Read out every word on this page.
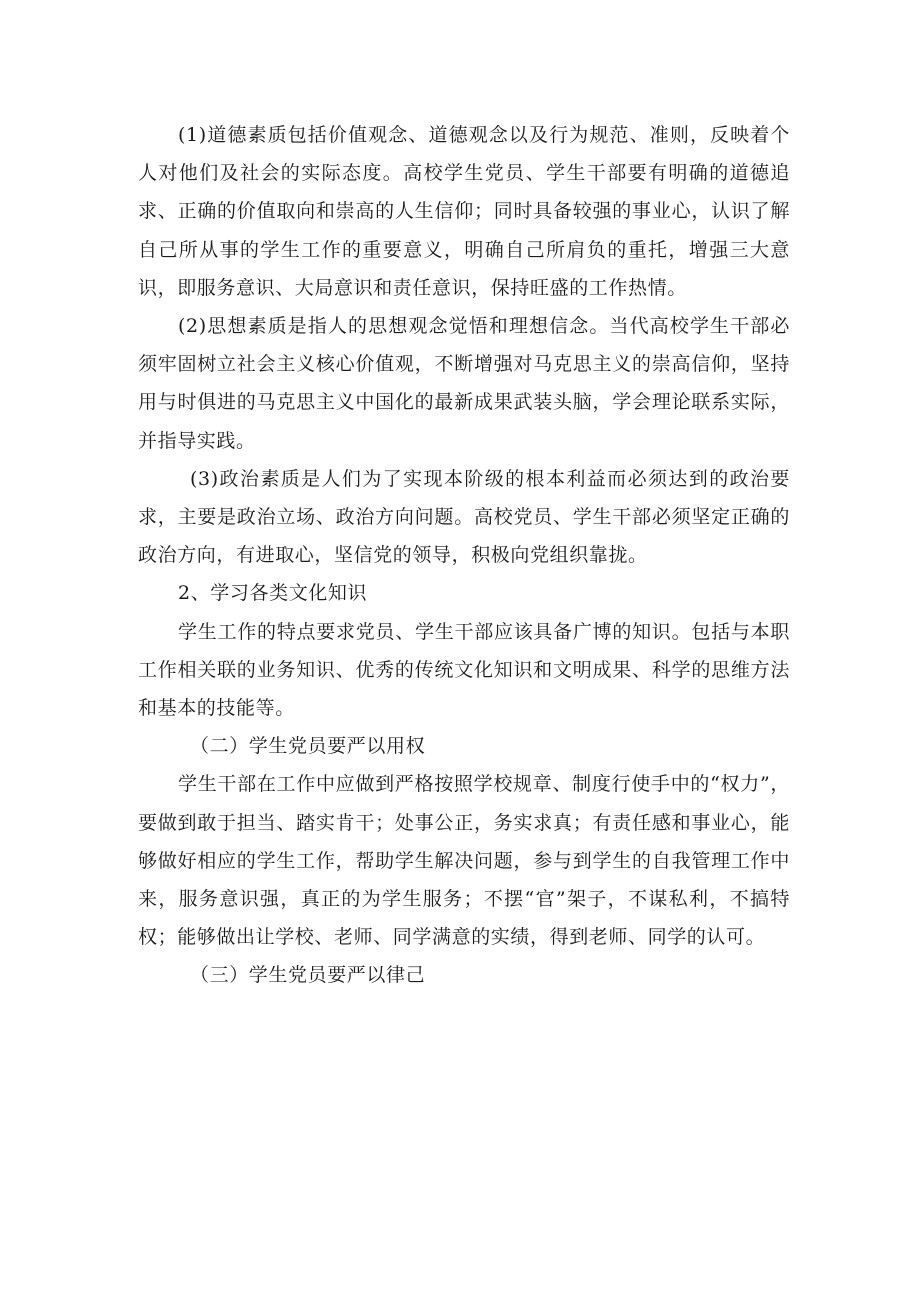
(1)道德素质包括价值观念、道德观念以及行为规范、准则，反映着个人对他们及社会的实际态度。高校学生党员、学生干部要有明确的道德追求、正确的价值取向和崇高的人生信仰；同时具备较强的事业心，认识了解自己所从事的学生工作的重要意义，明确自己所肩负的重托，增强三大意识，即服务意识、大局意识和责任意识，保持旺盛的工作热情。

(2)思想素质是指人的思想观念觉悟和理想信念。当代高校学生干部必须牢固树立社会主义核心价值观，不断增强对马克思主义的崇高信仰，坚持用与时俱进的马克思主义中国化的最新成果武装头脑，学会理论联系实际，并指导实践。

(3)政治素质是人们为了实现本阶级的根本利益而必须达到的政治要求，主要是政治立场、政治方向问题。高校党员、学生干部必须坚定正确的政治方向，有进取心，坚信党的领导，积极向党组织靠拢。

2、学习各类文化知识

学生工作的特点要求党员、学生干部应该具备广博的知识。包括与本职工作相关联的业务知识、优秀的传统文化知识和文明成果、科学的思维方法和基本的技能等。

（二）学生党员要严以用权

学生干部在工作中应做到严格按照学校规章、制度行使手中的“权力”，要做到敢于担当、踏实肯干；处事公正，务实求真；有责任感和事业心，能够做好相应的学生工作，帮助学生解决问题，参与到学生的自我管理工作中来，服务意识强，真正的为学生服务；不摆“官”架子，不谋私利，不搞特权；能够做出让学校、老师、同学满意的实绩，得到老师、同学的认可。

（三）学生党员要严以律己
